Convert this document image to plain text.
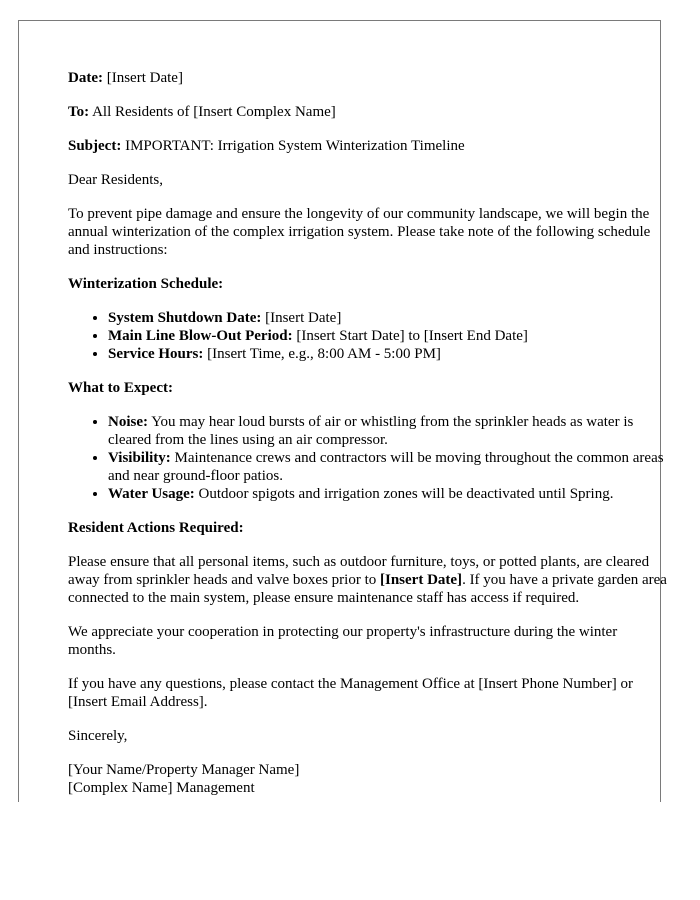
Date: [Insert Date]

To: All Residents of [Insert Complex Name]

Subject: IMPORTANT: Irrigation System Winterization Timeline

Dear Residents,

To prevent pipe damage and ensure the longevity of our community landscape, we will begin the annual winterization of the complex irrigation system. Please take note of the following schedule and instructions:

Winterization Schedule:
• System Shutdown Date: [Insert Date]
• Main Line Blow-Out Period: [Insert Start Date] to [Insert End Date]
• Service Hours: [Insert Time, e.g., 8:00 AM - 5:00 PM]
What to Expect:
• Noise: You may hear loud bursts of air or whistling from the sprinkler heads as water is cleared from the lines using an air compressor.
• Visibility: Maintenance crews and contractors will be moving throughout the common areas and near ground-floor patios.
• Water Usage: Outdoor spigots and irrigation zones will be deactivated until Spring.
Resident Actions Required:

Please ensure that all personal items, such as outdoor furniture, toys, or potted plants, are cleared away from sprinkler heads and valve boxes prior to [Insert Date]. If you have a private garden area connected to the main system, please ensure maintenance staff has access if required.

We appreciate your cooperation in protecting our property's infrastructure during the winter months.

If you have any questions, please contact the Management Office at [Insert Phone Number] or [Insert Email Address].

Sincerely,

[Your Name/Property Manager Name]

[Complex Name] Management
